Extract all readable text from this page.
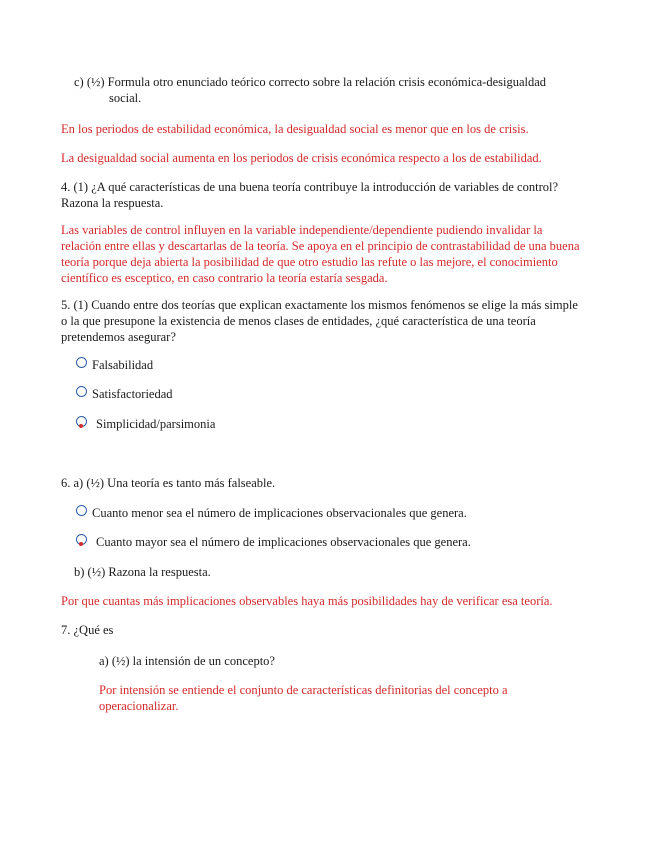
c) (½) Formula otro enunciado teórico correcto sobre la relación crisis económica-desigualdad
social.
En los periodos de estabilidad económica, la desigualdad social es menor que en los de crisis.
La desigualdad social aumenta en los periodos de crisis económica respecto a los de estabilidad.
4. (1) ¿A qué características de una buena teoría contribuye la introducción de variables de control?
Razona la respuesta.
Las variables de control influyen en la variable independiente/dependiente pudiendo invalidar la
relación entre ellas y descartarlas de la teoría. Se apoya en el principio de contrastabilidad de una buena
teoría porque deja abierta la posibilidad de que otro estudio las refute o las mejore, el conocimiento
científico es esceptico, en caso contrario la teoría estaría sesgada.
5. (1) Cuando entre dos teorías que explican exactamente los mismos fenómenos se elige la más simple
o la que presupone la existencia de menos clases de entidades, ¿qué característica de una teoría
pretendemos asegurar?
Falsabilidad
Satisfactoriedad
Simplicidad/parsimonia
6. a) (½) Una teoría es tanto más falseable.
Cuanto menor sea el número de implicaciones observacionales que genera.
Cuanto mayor sea el número de implicaciones observacionales que genera.
b) (½) Razona la respuesta.
Por que cuantas más implicaciones observables haya más posibilidades hay de verificar esa teoría.
7. ¿Qué es
a) (½) la intensión de un concepto?
Por intensión se entiende el conjunto de características definitorias del concepto a
operacionalizar.
